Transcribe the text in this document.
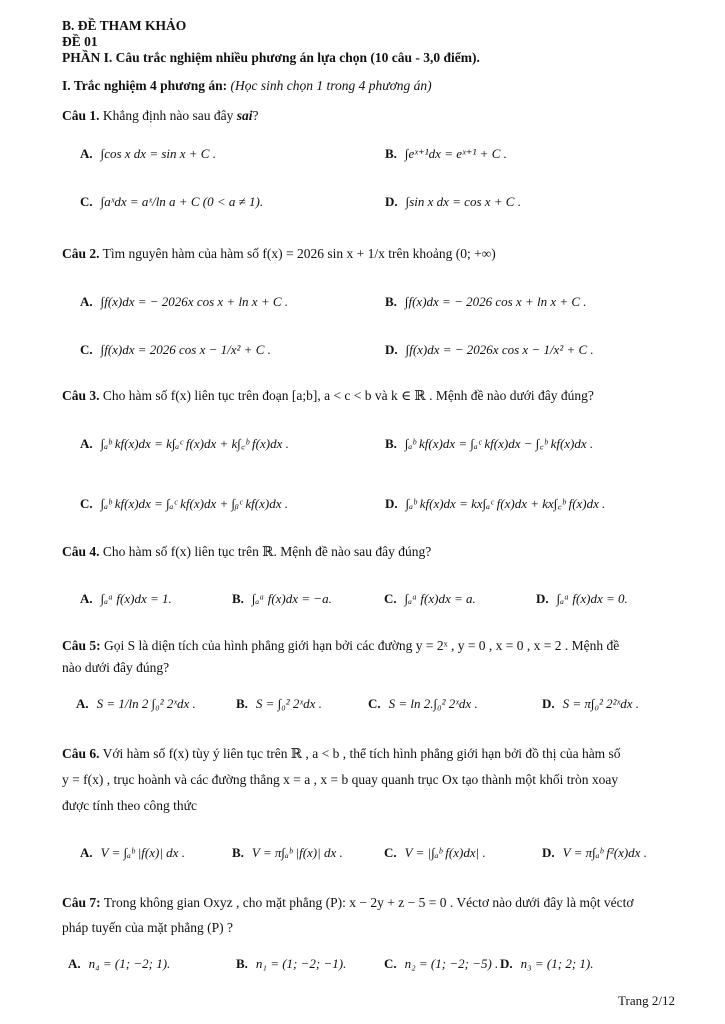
B. ĐỀ THAM KHẢO
ĐỀ 01
PHẦN I. Câu trắc nghiệm nhiều phương án lựa chọn (10 câu - 3,0 điểm).
I. Trắc nghiệm 4 phương án: (Học sinh chọn 1 trong 4 phương án)
Câu 1. Khẳng định nào sau đây sai?
A. ∫cos x dx = sin x + C .	B. ∫eˣ⁺¹dx = eˣ⁺¹ + C .
C. ∫aˣdx = aˣ/ln a + C (0 < a ≠ 1).	D. ∫sin x dx = cos x + C .
Câu 2. Tìm nguyên hàm của hàm số f(x) = 2026 sin x + 1/x trên khoảng (0; +∞)
A. ∫f(x)dx = − 2026x cos x + ln x + C .	B. ∫f(x)dx = − 2026 cos x + ln x + C .
C. ∫f(x)dx = 2026 cos x − 1/x² + C .	D. ∫f(x)dx = − 2026x cos x − 1/x² + C .
Câu 3. Cho hàm số f(x) liên tục trên đoạn [a;b], a < c < b và k ∈ ℝ . Mệnh đề nào dưới đây đúng?
A. ∫ₐᵇ kf(x)dx = k∫ₐᶜ f(x)dx + k∫꜀ᵇ f(x)dx .	B. ∫ₐᵇ kf(x)dx = ∫ₐᶜ kf(x)dx − ∫꜀ᵇ kf(x)dx .
C. ∫ₐᵇ kf(x)dx = ∫ₐᶜ kf(x)dx + ∫ᵦᶜ kf(x)dx .	D. ∫ₐᵇ kf(x)dx = kx∫ₐᶜ f(x)dx + kx∫꜀ᵇ f(x)dx .
Câu 4. Cho hàm số f(x) liên tục trên ℝ. Mệnh đề nào sau đây đúng?
A. ∫ₐᵃ f(x)dx = 1.	B. ∫ₐᵃ f(x)dx = −a.	C. ∫ₐᵃ f(x)dx = a.	D. ∫ₐᵃ f(x)dx = 0.
Câu 5: Gọi S là diện tích của hình phẳng giới hạn bởi các đường y = 2ˣ , y = 0 , x = 0 , x = 2 . Mệnh đề
nào dưới đây đúng?
A. S = 1/ln 2 ∫₀² 2ˣdx .	B. S = ∫₀² 2ˣdx .	C. S = ln 2.∫₀² 2ˣdx .	D. S = π∫₀² 2²ˣdx .
Câu 6. Với hàm số f(x) tùy ý liên tục trên ℝ , a < b , thể tích hình phẳng giới hạn bởi đồ thị của hàm số
y = f(x) , trục hoành và các đường thẳng x = a , x = b quay quanh trục Ox tạo thành một khối tròn xoay
được tính theo công thức
A. V = ∫ₐᵇ |f(x)| dx .	B. V = π∫ₐᵇ |f(x)| dx .	C. V = |∫ₐᵇ f(x)dx| .	D. V = π∫ₐᵇ f²(x)dx .
Câu 7: Trong không gian Oxyz , cho mặt phẳng (P): x − 2y + z − 5 = 0 . Véctơ nào dưới đây là một véctơ
pháp tuyến của mặt phẳng (P) ?
A. n₄ = (1; −2; 1).	B. n₁ = (1; −2; −1).	C. n₂ = (1; −2; −5) . D. n₃ = (1; 2; 1).
Trang 2/12
